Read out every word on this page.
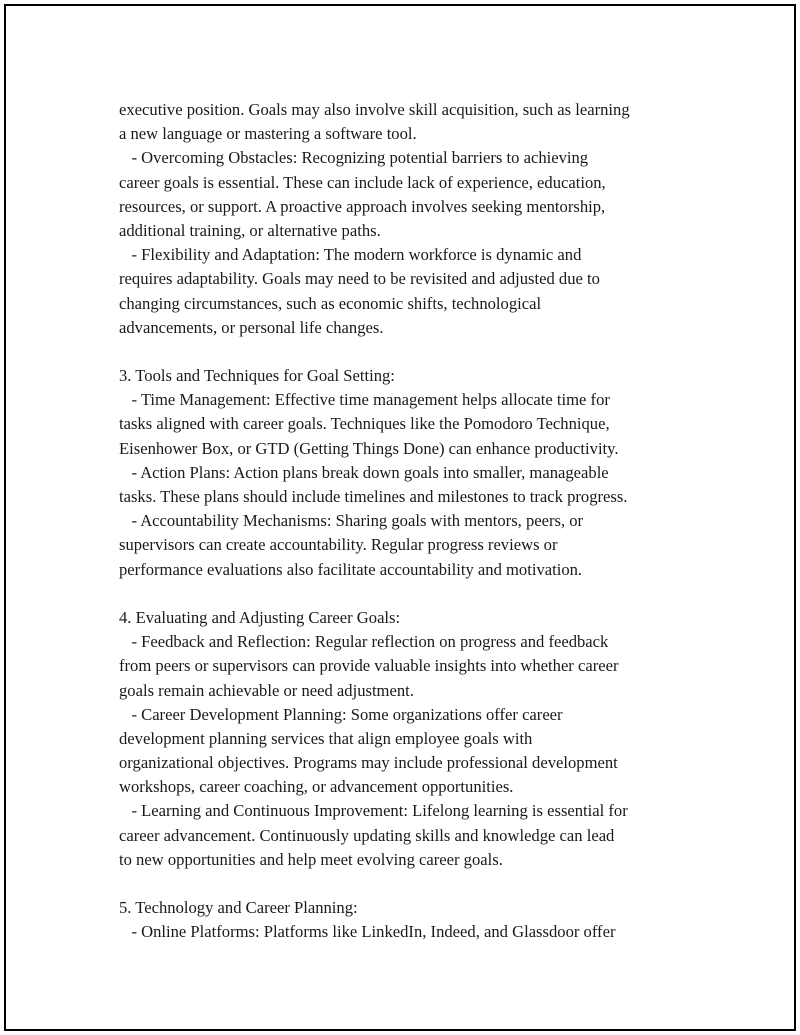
executive position. Goals may also involve skill acquisition, such as learning
a new language or mastering a software tool.
- Overcoming Obstacles: Recognizing potential barriers to achieving
career goals is essential. These can include lack of experience, education,
resources, or support. A proactive approach involves seeking mentorship,
additional training, or alternative paths.
- Flexibility and Adaptation: The modern workforce is dynamic and
requires adaptability. Goals may need to be revisited and adjusted due to
changing circumstances, such as economic shifts, technological
advancements, or personal life changes.
3. Tools and Techniques for Goal Setting:
- Time Management: Effective time management helps allocate time for
tasks aligned with career goals. Techniques like the Pomodoro Technique,
Eisenhower Box, or GTD (Getting Things Done) can enhance productivity.
- Action Plans: Action plans break down goals into smaller, manageable
tasks. These plans should include timelines and milestones to track progress.
- Accountability Mechanisms: Sharing goals with mentors, peers, or
supervisors can create accountability. Regular progress reviews or
performance evaluations also facilitate accountability and motivation.
4. Evaluating and Adjusting Career Goals:
- Feedback and Reflection: Regular reflection on progress and feedback
from peers or supervisors can provide valuable insights into whether career
goals remain achievable or need adjustment.
- Career Development Planning: Some organizations offer career
development planning services that align employee goals with
organizational objectives. Programs may include professional development
workshops, career coaching, or advancement opportunities.
- Learning and Continuous Improvement: Lifelong learning is essential for
career advancement. Continuously updating skills and knowledge can lead
to new opportunities and help meet evolving career goals.
5. Technology and Career Planning:
- Online Platforms: Platforms like LinkedIn, Indeed, and Glassdoor offer
